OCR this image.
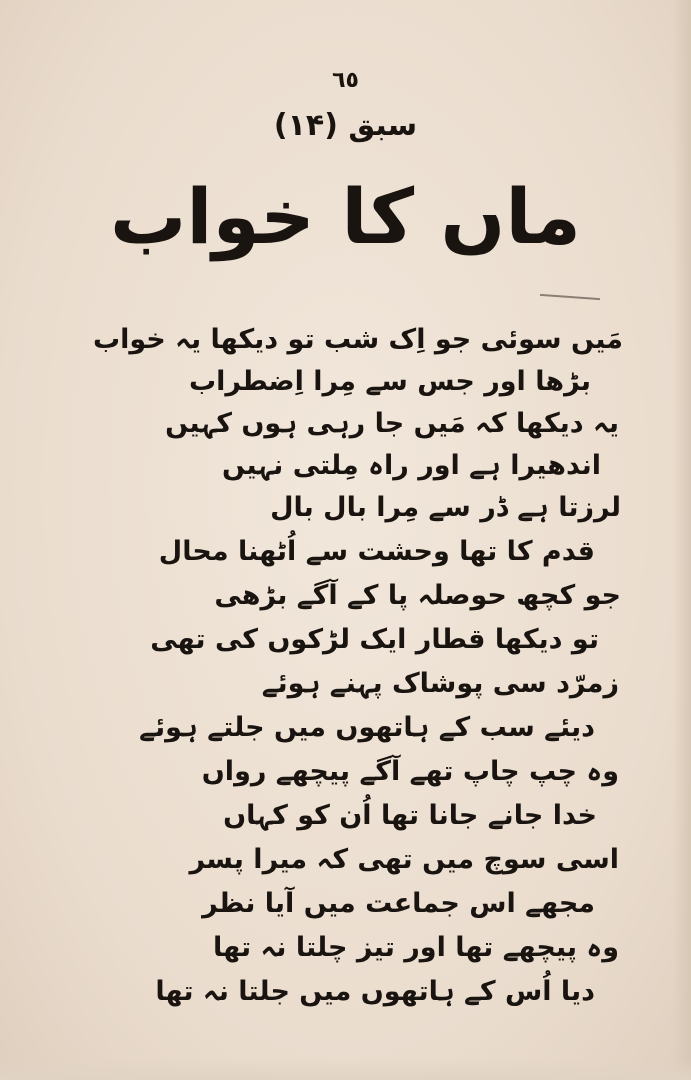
٦٥
سبق (۱۴)
ماں کا خواب
مَیں سوئی جو اِک شب تو دیکھا یہ خواب
بڑھا اور جس سے مِرا اِضطراب
یہ دیکھا کہ مَیں جا رہی ہوں کہیں
اندھیرا ہے اور راہ مِلتی نہیں
لرزتا ہے ڈر سے مِرا بال بال
قدم کا تھا وحشت سے اُٹھنا محال
جو کچھ حوصلہ پا کے آگے بڑھی
تو دیکھا قطار ایک لڑکوں کی تھی
زمرّد سی پوشاک پہنے ہوئے
دیئے سب کے ہاتھوں میں جلتے ہوئے
وہ چپ چاپ تھے آگے پیچھے رواں
خدا جانے جانا تھا اُن کو کہاں
اسی سوچ میں تھی کہ میرا پسر
مجھے اس جماعت میں آیا نظر
وہ پیچھے تھا اور تیز چلتا نہ تھا
دیا اُس کے ہاتھوں میں جلتا نہ تھا
